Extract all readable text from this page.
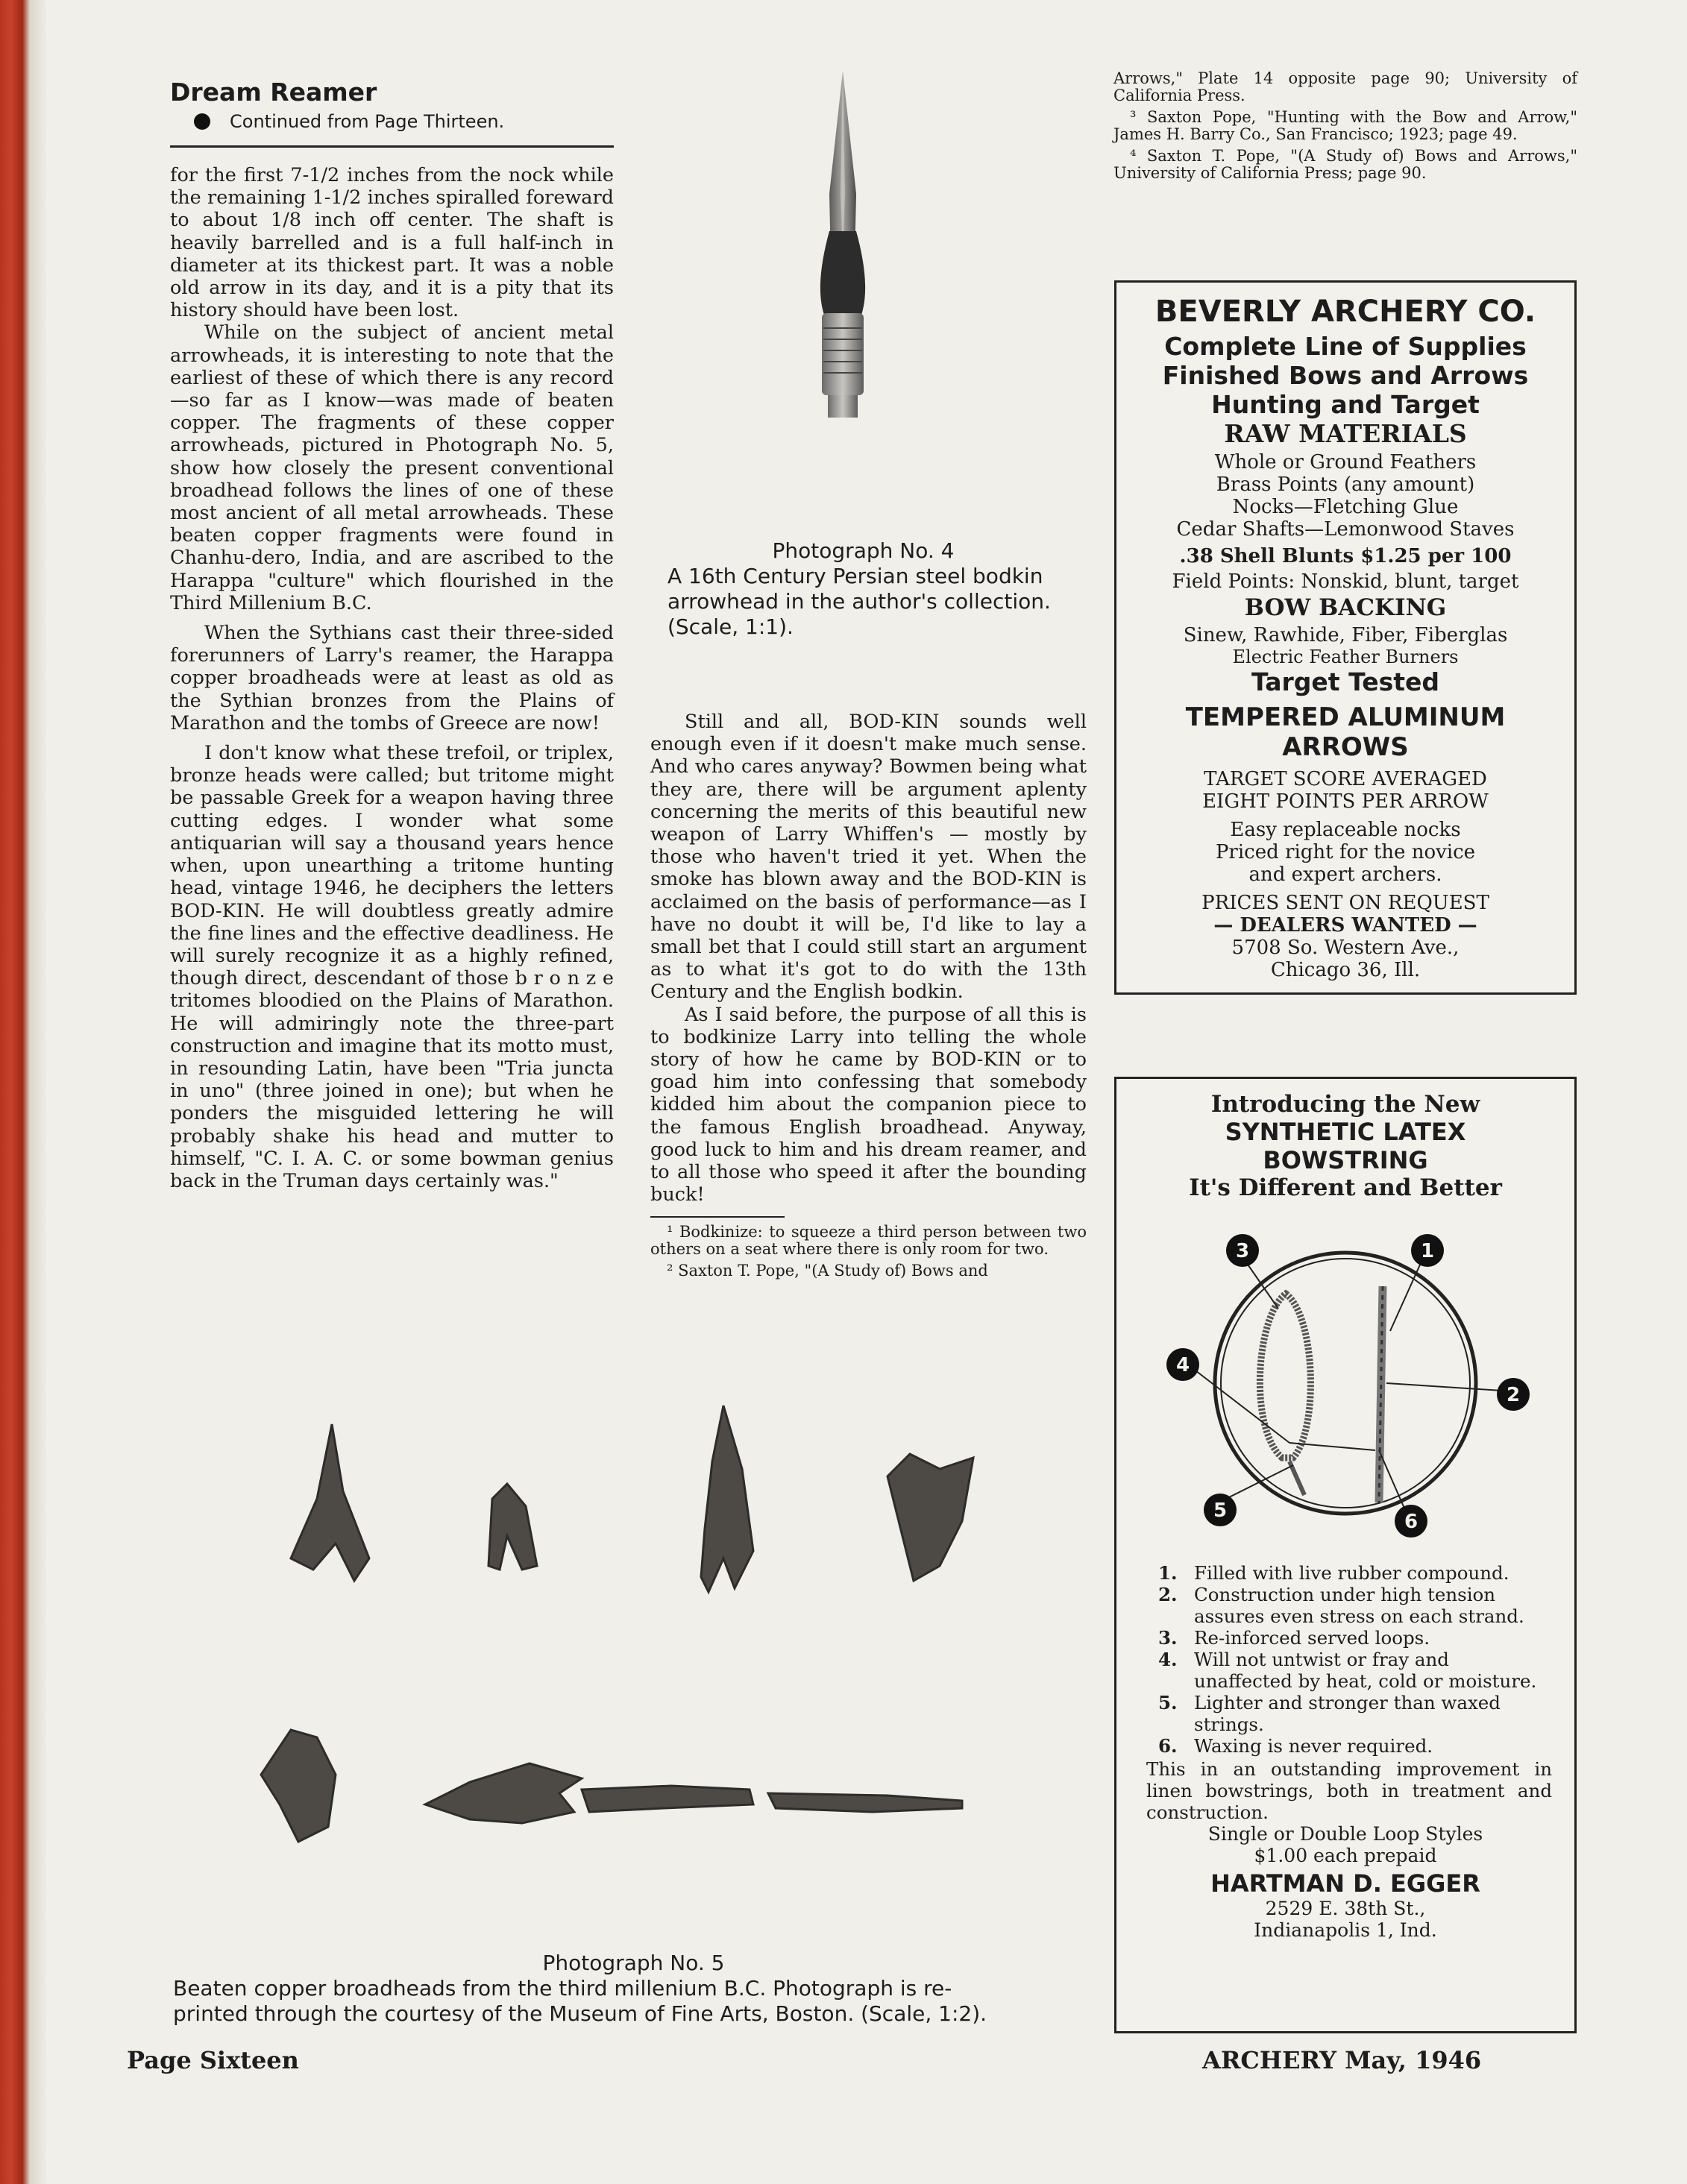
Dream Reamer
Continued from Page Thirteen.

for the first 7-1/2 inches from the nock while the remaining 1-1/2 inches spiralled foreward to about 1/8 inch off center. The shaft is heavily barrelled and is a full half-inch in diameter at its thickest part. It was a noble old arrow in its day, and it is a pity that its history should have been lost.

While on the subject of ancient metal arrowheads, it is interesting to note that the earliest of these of which there is any record—so far as I know—was made of beaten copper. The fragments of these copper arrowheads, pictured in Photograph No. 5, show how closely the present conventional broadhead follows the lines of one of these most ancient of all metal arrowheads. These beaten copper fragments were found in Chanhu-dero, India, and are ascribed to the Harappa "culture" which flourished in the Third Millenium B.C.

When the Sythians cast their three-sided forerunners of Larry's reamer, the Harappa copper broadheads were at least as old as the Sythian bronzes from the Plains of Marathon and the tombs of Greece are now!

I don't know what these trefoil, or triplex, bronze heads were called; but tritome might be passable Greek for a weapon having three cutting edges. I wonder what some antiquarian will say a thousand years hence when, upon unearthing a tritome hunting head, vintage 1946, he deciphers the letters BOD-KIN. He will doubtless greatly admire the fine lines and the effective deadliness. He will surely recognize it as a highly refined, though direct, descendant of those b r o n z e tritomes bloodied on the Plains of Marathon. He will admiringly note the three-part construction and imagine that its motto must, in resounding Latin, have been "Tria juncta in uno" (three joined in one); but when he ponders the misguided lettering he will probably shake his head and mutter to himself, "C. I. A. C. or some bowman genius back in the Truman days certainly was."

Photograph No. 4

A 16th Century Persian steel bodkin arrowhead in the author's collection. (Scale, 1:1).

Still and all, BOD-KIN sounds well enough even if it doesn't make much sense. And who cares anyway? Bowmen being what they are, there will be argument aplenty concerning the merits of this beautiful new weapon of Larry Whiffen's — mostly by those who haven't tried it yet. When the smoke has blown away and the BOD-KIN is acclaimed on the basis of performance—as I have no doubt it will be, I'd like to lay a small bet that I could still start an argument as to what it's got to do with the 13th Century and the English bodkin.

As I said before, the purpose of all this is to bodkinize Larry into telling the whole story of how he came by BOD-KIN or to goad him into confessing that somebody kidded him about the companion piece to the famous English broadhead. Anyway, good luck to him and his dream reamer, and to all those who speed it after the bounding buck!

¹ Bodkinize: to squeeze a third person between two others on a seat where there is only room for two.

² Saxton T. Pope, "(A Study of) Bows and

Arrows," Plate 14 opposite page 90; University of California Press.

³ Saxton Pope, "Hunting with the Bow and Arrow," James H. Barry Co., San Francisco; 1923; page 49.

⁴ Saxton T. Pope, "(A Study of) Bows and Arrows," University of California Press; page 90.

BEVERLY ARCHERY CO.

Complete Line of Supplies

Finished Bows and Arrows

Hunting and Target

RAW MATERIALS

Whole or Ground Feathers

Brass Points (any amount)

Nocks—Fletching Glue

Cedar Shafts—Lemonwood Staves

.38 Shell Blunts $1.25 per 100

Field Points: Nonskid, blunt, target

BOW BACKING

Sinew, Rawhide, Fiber, Fiberglas

Electric Feather Burners

Target Tested

TEMPERED ALUMINUM

ARROWS

TARGET SCORE AVERAGED

EIGHT POINTS PER ARROW

Easy replaceable nocks

Priced right for the novice

and expert archers.

PRICES SENT ON REQUEST

— DEALERS WANTED —

5708 So. Western Ave.,

Chicago 36, Ill.

Introducing the New

SYNTHETIC LATEX

BOWSTRING

It's Different and Better

3	1
4
2
5	6
1. Filled with live rubber compound.
2. Construction under high tension assures even stress on each strand.
3. Re-inforced served loops.
4. Will not untwist or fray and unaffected by heat, cold or moisture.
5. Lighter and stronger than waxed strings.
6. Waxing is never required.

This in an outstanding improvement in linen bowstrings, both in treatment and construction.

Single or Double Loop Styles

$1.00 each prepaid

HARTMAN D. EGGER

2529 E. 38th St.,

Indianapolis 1, Ind.

Photograph No. 5

Beaten copper broadheads from the third millenium B.C. Photograph is re-

printed through the courtesy of the Museum of Fine Arts, Boston. (Scale, 1:2).

Page Sixteen	ARCHERY May, 1946
